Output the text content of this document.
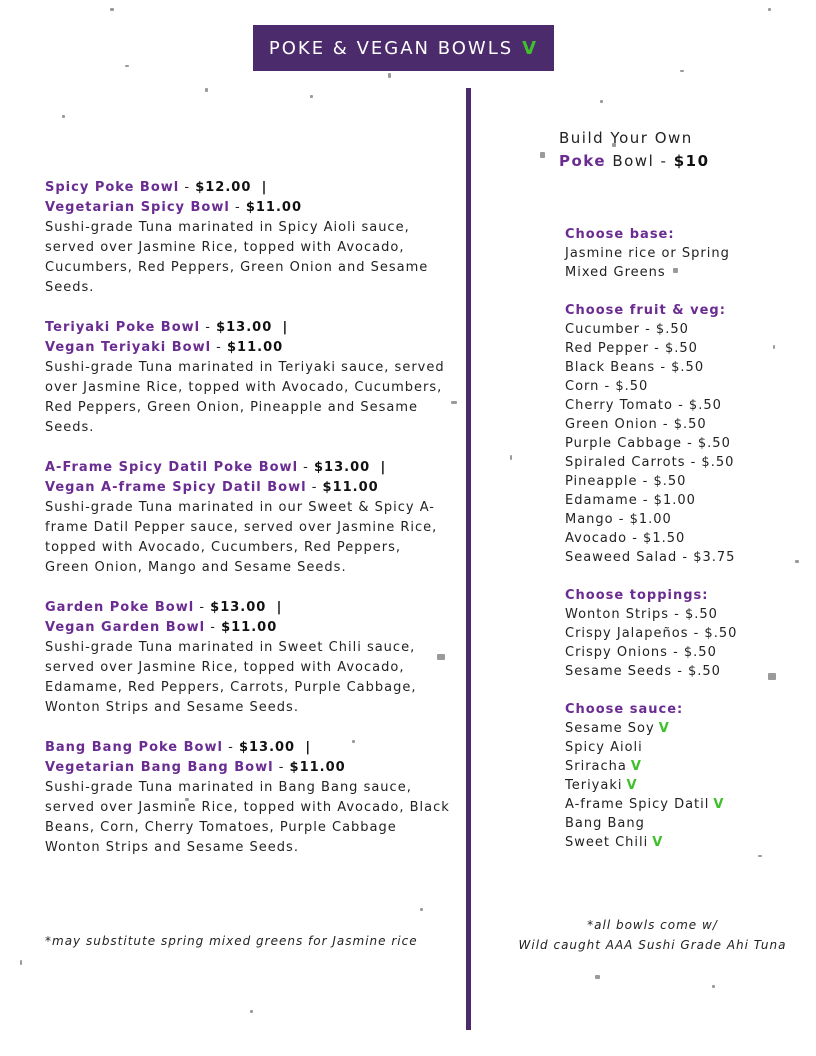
POKE & VEGAN BOWLS V
Spicy Poke Bowl - $12.00 |
Vegetarian Spicy Bowl - $11.00
Sushi-grade Tuna marinated in Spicy Aioli sauce, served over Jasmine Rice, topped with Avocado, Cucumbers, Red Peppers, Green Onion and Sesame Seeds.
Teriyaki Poke Bowl - $13.00 |
Vegan Teriyaki Bowl - $11.00
Sushi-grade Tuna marinated in Teriyaki sauce, served over Jasmine Rice, topped with Avocado, Cucumbers, Red Peppers, Green Onion, Pineapple and Sesame Seeds.
A-Frame Spicy Datil Poke Bowl - $13.00 |
Vegan A-frame Spicy Datil Bowl - $11.00
Sushi-grade Tuna marinated in our Sweet & Spicy A-frame Datil Pepper sauce, served over Jasmine Rice, topped with Avocado, Cucumbers, Red Peppers, Green Onion, Mango and Sesame Seeds.
Garden Poke Bowl - $13.00 |
Vegan Garden Bowl - $11.00
Sushi-grade Tuna marinated in Sweet Chili sauce, served over Jasmine Rice, topped with Avocado, Edamame, Red Peppers, Carrots, Purple Cabbage, Wonton Strips and Sesame Seeds.
Bang Bang Poke Bowl - $13.00 |
Vegetarian Bang Bang Bowl - $11.00
Sushi-grade Tuna marinated in Bang Bang sauce, served over Jasmine Rice, topped with Avocado, Black Beans, Corn, Cherry Tomatoes, Purple Cabbage Wonton Strips and Sesame Seeds.
*may substitute spring mixed greens for Jasmine rice
Build Your Own
Poke Bowl - $10
Choose base:
Jasmine rice or Spring
Mixed Greens
Choose fruit & veg:
Cucumber - $.50
Red Pepper - $.50
Black Beans - $.50
Corn - $.50
Cherry Tomato - $.50
Green Onion - $.50
Purple Cabbage - $.50
Spiraled Carrots - $.50
Pineapple - $.50
Edamame - $1.00
Mango - $1.00
Avocado - $1.50
Seaweed Salad - $3.75
Choose toppings:
Wonton Strips - $.50
Crispy Jalapeños - $.50
Crispy Onions - $.50
Sesame Seeds - $.50
Choose sauce:
Sesame Soy V
Spicy Aioli
Sriracha V
Teriyaki V
A-frame Spicy Datil V
Bang Bang
Sweet Chili V
*all bowls come w/
Wild caught AAA Sushi Grade Ahi Tuna
